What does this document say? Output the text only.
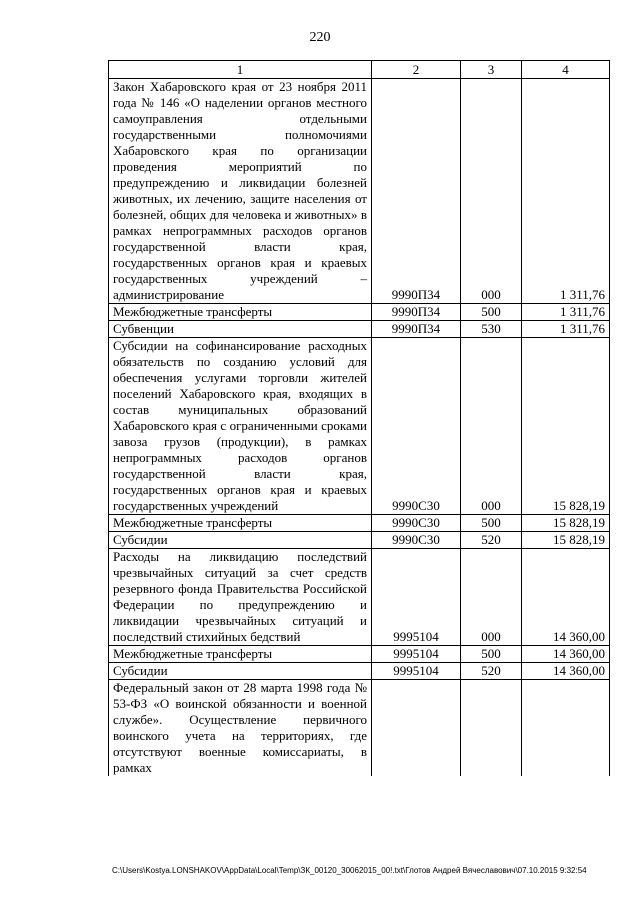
220
1	2	3	4
Закон Хабаровского края от 23 ноября 2011 года № 146 «О наделении органов местного самоуправления отдельными государственными полномочиями Хабаровского края по организации проведения мероприятий по предупреждению и ликвидации болезней животных, их лечению, защите населения от болезней, общих для человека и животных» в рамках непрограммных расходов органов государственной власти края, государственных органов края и краевых государственных учреждений – администрирование	9990П34	000	1 311,76
Межбюджетные трансферты	9990П34	500	1 311,76
Субвенции	9990П34	530	1 311,76
Субсидии на софинансирование расходных обязательств по созданию условий для обеспечения услугами торговли жителей поселений Хабаровского края, входящих в состав муниципальных образований Хабаровского края с ограниченными сроками завоза грузов (продукции), в рамках непрограммных расходов органов государственной власти края, государственных органов края и краевых государственных учреждений	9990С30	000	15 828,19
Межбюджетные трансферты	9990С30	500	15 828,19
Субсидии	9990С30	520	15 828,19
Расходы на ликвидацию последствий чрезвычайных ситуаций за счет средств резервного фонда Правительства Российской Федерации по предупреждению и ликвидации чрезвычайных ситуаций и последствий стихийных бедствий	9995104	000	14 360,00
Межбюджетные трансферты	9995104	500	14 360,00
Субсидии	9995104	520	14 360,00
Федеральный закон от 28 марта 1998 года № 53-ФЗ «О воинской обязанности и военной службе». Осуществление первичного воинского учета на территориях, где отсутствуют военные комиссариаты, в рамках			
C:\Users\Kostya.LONSHAKOV\AppData\Local\Temp\ЗК_00120_30062015_00!.txt\Глотов Андрей Вячеславович\07.10.2015 9:32:54
